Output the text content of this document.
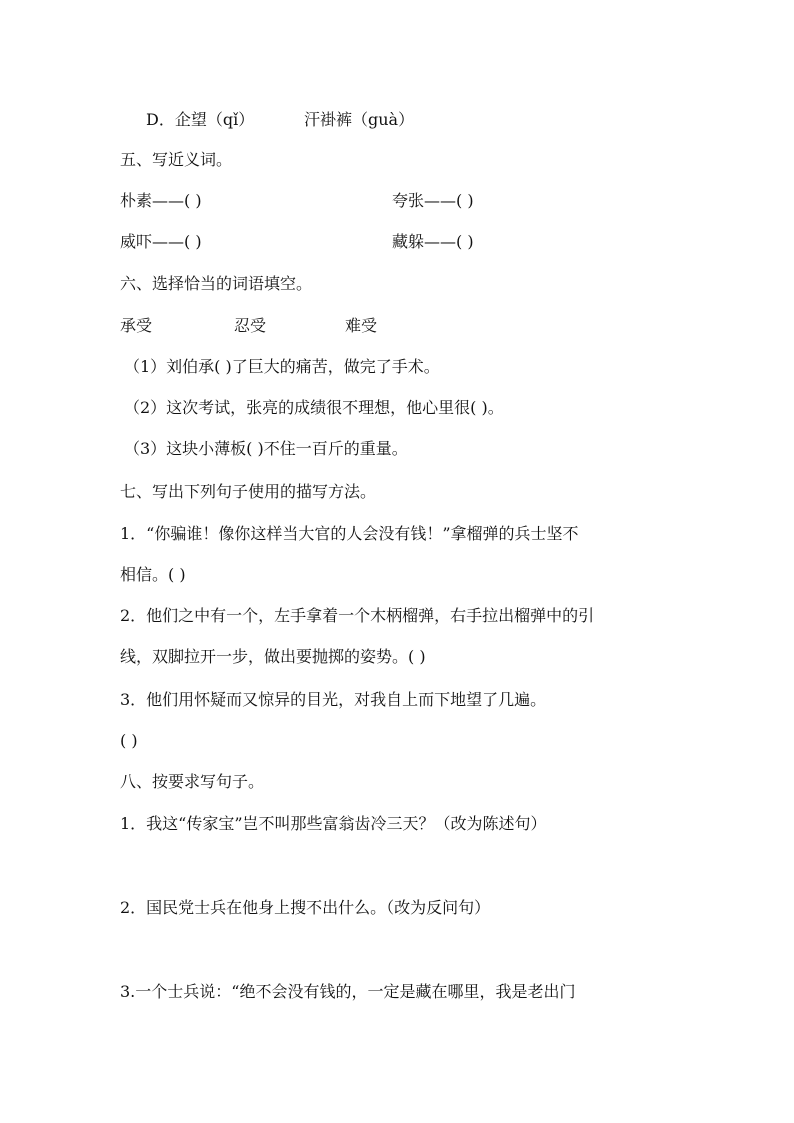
D．企望（qǐ）	汗褂裤（guà）
五、写近义词。
朴素——( )	夸张——( )
威吓——( )	藏躲——( )
六、选择恰当的词语填空。
承受	忍受	难受
（1）刘伯承( )了巨大的痛苦，做完了手术。
（2）这次考试，张亮的成绩很不理想，他心里很( )。
（3）这块小薄板( )不住一百斤的重量。
七、写出下列句子使用的描写方法。
1．“你骗谁！像你这样当大官的人会没有钱！”拿榴弹的兵士坚不
相信。( )
2．他们之中有一个，左手拿着一个木柄榴弹，右手拉出榴弹中的引
线，双脚拉开一步，做出要抛掷的姿势。( )
3．他们用怀疑而又惊异的目光，对我自上而下地望了几遍。
( )
八、按要求写句子。
1．我这“传家宝”岂不叫那些富翁齿冷三天？（改为陈述句）
2．国民党士兵在他身上搜不出什么。（改为反问句）
3.一个士兵说：“绝不会没有钱的，一定是藏在哪里，我是老出门
